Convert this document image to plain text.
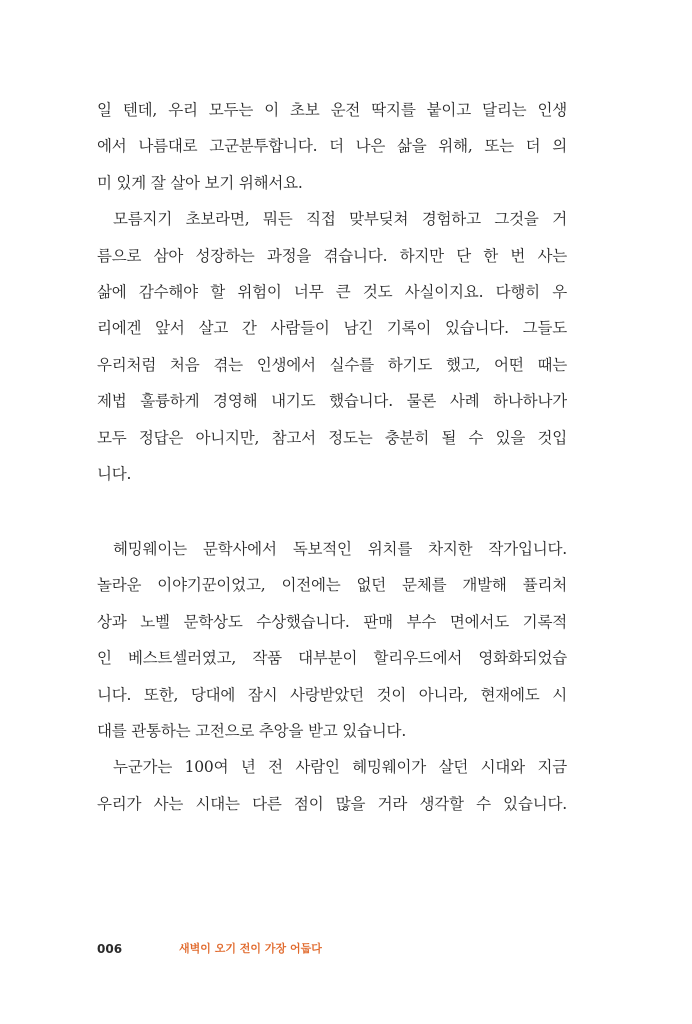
일 텐데, 우리 모두는 이 초보 운전 딱지를 붙이고 달리는 인생
에서 나름대로 고군분투합니다. 더 나은 삶을 위해, 또는 더 의
미 있게 잘 살아 보기 위해서요.
모름지기 초보라면, 뭐든 직접 맞부딪쳐 경험하고 그것을 거
름으로 삼아 성장하는 과정을 겪습니다. 하지만 단 한 번 사는
삶에 감수해야 할 위험이 너무 큰 것도 사실이지요. 다행히 우
리에겐 앞서 살고 간 사람들이 남긴 기록이 있습니다. 그들도
우리처럼 처음 겪는 인생에서 실수를 하기도 했고, 어떤 때는
제법 훌륭하게 경영해 내기도 했습니다. 물론 사례 하나하나가
모두 정답은 아니지만, 참고서 정도는 충분히 될 수 있을 것입
니다.
헤밍웨이는 문학사에서 독보적인 위치를 차지한 작가입니다.
놀라운 이야기꾼이었고, 이전에는 없던 문체를 개발해 퓰리처
상과 노벨 문학상도 수상했습니다. 판매 부수 면에서도 기록적
인 베스트셀러였고, 작품 대부분이 할리우드에서 영화화되었습
니다. 또한, 당대에 잠시 사랑받았던 것이 아니라, 현재에도 시
대를 관통하는 고전으로 추앙을 받고 있습니다.
누군가는 100여 년 전 사람인 헤밍웨이가 살던 시대와 지금
우리가 사는 시대는 다른 점이 많을 거라 생각할 수 있습니다.
006	새벽이 오기 전이 가장 어둡다
